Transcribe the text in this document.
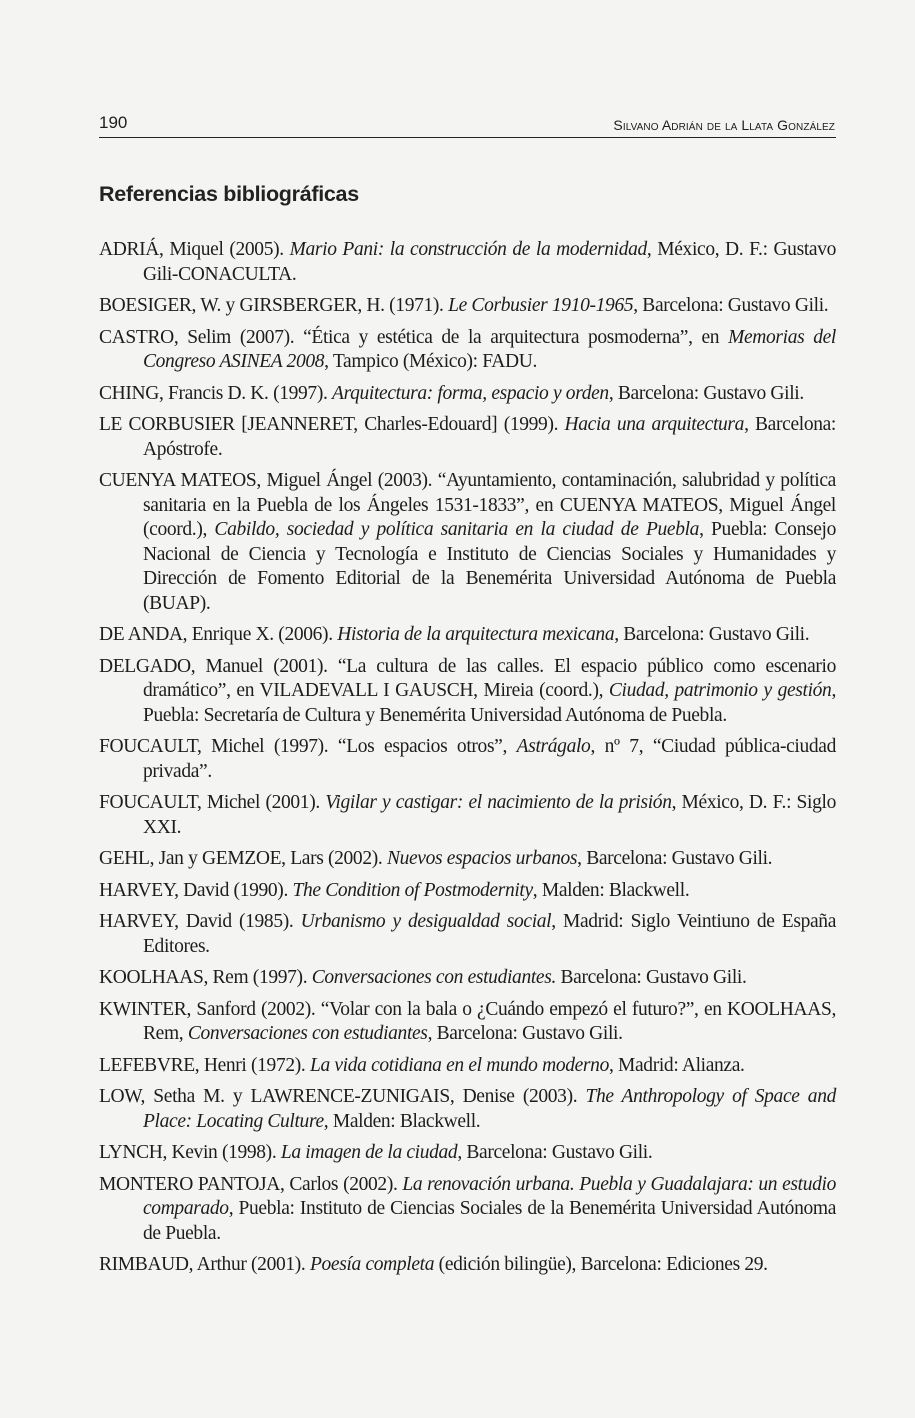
190	Silvano Adrián de la Llata González
Referencias bibliográficas

ADRIÁ, Miquel (2005). Mario Pani: la construcción de la modernidad, México, D. F.: Gustavo Gili-CONACULTA.

BOESIGER, W. y GIRSBERGER, H. (1971). Le Corbusier 1910-1965, Barcelona: Gustavo Gili.

CASTRO, Selim (2007). “Ética y estética de la arquitectura posmoderna”, en Memorias del Congreso ASINEA 2008, Tampico (México): FADU.

CHING, Francis D. K. (1997). Arquitectura: forma, espacio y orden, Barcelona: Gustavo Gili.

LE CORBUSIER [JEANNERET, Charles-Edouard] (1999). Hacia una arquitectura, Barcelona: Apóstrofe.

CUENYA MATEOS, Miguel Ángel (2003). “Ayuntamiento, contaminación, salubridad y política sanitaria en la Puebla de los Ángeles 1531-1833”, en CUENYA MATEOS, Miguel Ángel (coord.), Cabildo, sociedad y política sanitaria en la ciudad de Puebla, Puebla: Consejo Nacional de Ciencia y Tecnología e Instituto de Ciencias Sociales y Humanidades y Dirección de Fomento Editorial de la Benemérita Universidad Autónoma de Puebla (BUAP).

DE ANDA, Enrique X. (2006). Historia de la arquitectura mexicana, Barcelona: Gustavo Gili.

DELGADO, Manuel (2001). “La cultura de las calles. El espacio público como escenario dramático”, en VILADEVALL I GAUSCH, Mireia (coord.), Ciudad, patrimonio y gestión, Puebla: Secretaría de Cultura y Benemérita Universidad Autónoma de Puebla.

FOUCAULT, Michel (1997). “Los espacios otros”, Astrágalo, nº 7, “Ciudad pública-ciudad privada”.

FOUCAULT, Michel (2001). Vigilar y castigar: el nacimiento de la prisión, México, D. F.: Siglo XXI.

GEHL, Jan y GEMZOE, Lars (2002). Nuevos espacios urbanos, Barcelona: Gustavo Gili.

HARVEY, David (1990). The Condition of Postmodernity, Malden: Blackwell.

HARVEY, David (1985). Urbanismo y desigualdad social, Madrid: Siglo Veintiuno de España Editores.

KOOLHAAS, Rem (1997). Conversaciones con estudiantes. Barcelona: Gustavo Gili.

KWINTER, Sanford (2002). “Volar con la bala o ¿Cuándo empezó el futuro?”, en KOOLHAAS, Rem, Conversaciones con estudiantes, Barcelona: Gustavo Gili.

LEFEBVRE, Henri (1972). La vida cotidiana en el mundo moderno, Madrid: Alianza.

LOW, Setha M. y LAWRENCE-ZUNIGAIS, Denise (2003). The Anthropology of Space and Place: Locating Culture, Malden: Blackwell.

LYNCH, Kevin (1998). La imagen de la ciudad, Barcelona: Gustavo Gili.

MONTERO PANTOJA, Carlos (2002). La renovación urbana. Puebla y Guadalajara: un estudio comparado, Puebla: Instituto de Ciencias Sociales de la Benemérita Universidad Autónoma de Puebla.

RIMBAUD, Arthur (2001). Poesía completa (edición bilingüe), Barcelona: Ediciones 29.
